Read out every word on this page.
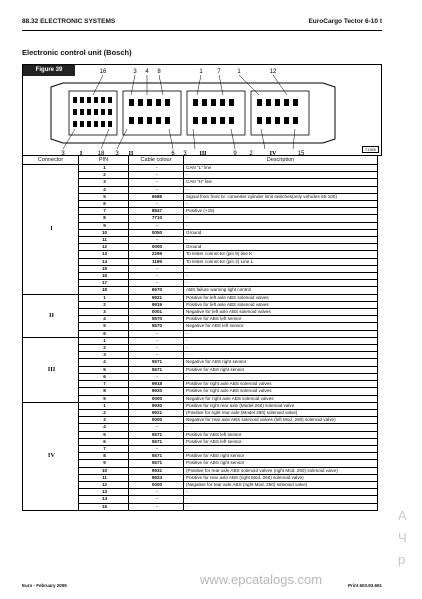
88.32 ELECTRONIC SYSTEMS	EuroCargo Tector 6-10 t
Electronic control unit (Bosch)
Figure 39	16	3 4 8	1 7	1	12
3	I	18 3 II	6 3 III	9 2	IV	15
71350
Connector	PIN	Cable colour	Description
I	1	-	CAN "L" line
	2	-	-
	3	-	CAN "H" line
	4	-	-
	5	6686	Signal from front br. converter cylinder limit switches(only vehicles 65-100)
	6	-	-
	7	8847	Positive (+15)
	8	7710	-
	9	-	-
	10	0050	Ground
	11	-	-
	12	0000	Ground
	13	2299	To tester connector (pin 9) line K
	14	1199	To tester connector (pin 2) Line L
	15	-	-
	16	-	-
	17	-	-
	18	6670	ABS failure warning light control
II	1	9921	Positive for left axle ABS solenoid valves
	2	9919	Positive for left axle ABS solenoid valves
	3	0001	Negative for left axle ABS solenoid valves
	4	5570	Positive for ABS left sensor
	5	5570	Negative for ABS left sensor
	6	-	-
III	1	-	-
	2	-	-
	3	-	-
	4	5571	Negative for ABS right sensor
	5	5571	Positive for ABS right sensor
	6	-	-
	7	9918	Positive for right axle ABS solenoid valves
	8	9920	Positive for right axle ABS solenoid valves
	9	0000	Negative for right axle ABS solenoid valves
IV	1	9930	Positive for right rear axle (Model 260) solenoid valve
	2	9921	(Positive for right rear axle (Model 260) solenoid valve)
	3	0000	Negative for rear axle ABS solenoid valves (left Mod. 260) solenoid valve)
	4	-	-
	5	5571	Positive for ABS left sensor
	6	5571	Positive for ABS left sensor
	7	-	-
	8	5571	Positive for ABS right sensor
	9	5571	Positive for ABS right sensor
	10	9931	(Positive for rear axle ABS solenoid valves (right Mod. 260) solenoid valve)
	11	9924	Positive for rear axle ABS (right Mod. 260) solenoid valve)
	12	0000	(Negative for rear axle ABS (right Mod. 260) solenoid valve)
	13	-	-
	14	-	-
	15	-	-
www.epcatalogs.com
А
Ч
р
Euro - February 2005	Print 603.93.651
